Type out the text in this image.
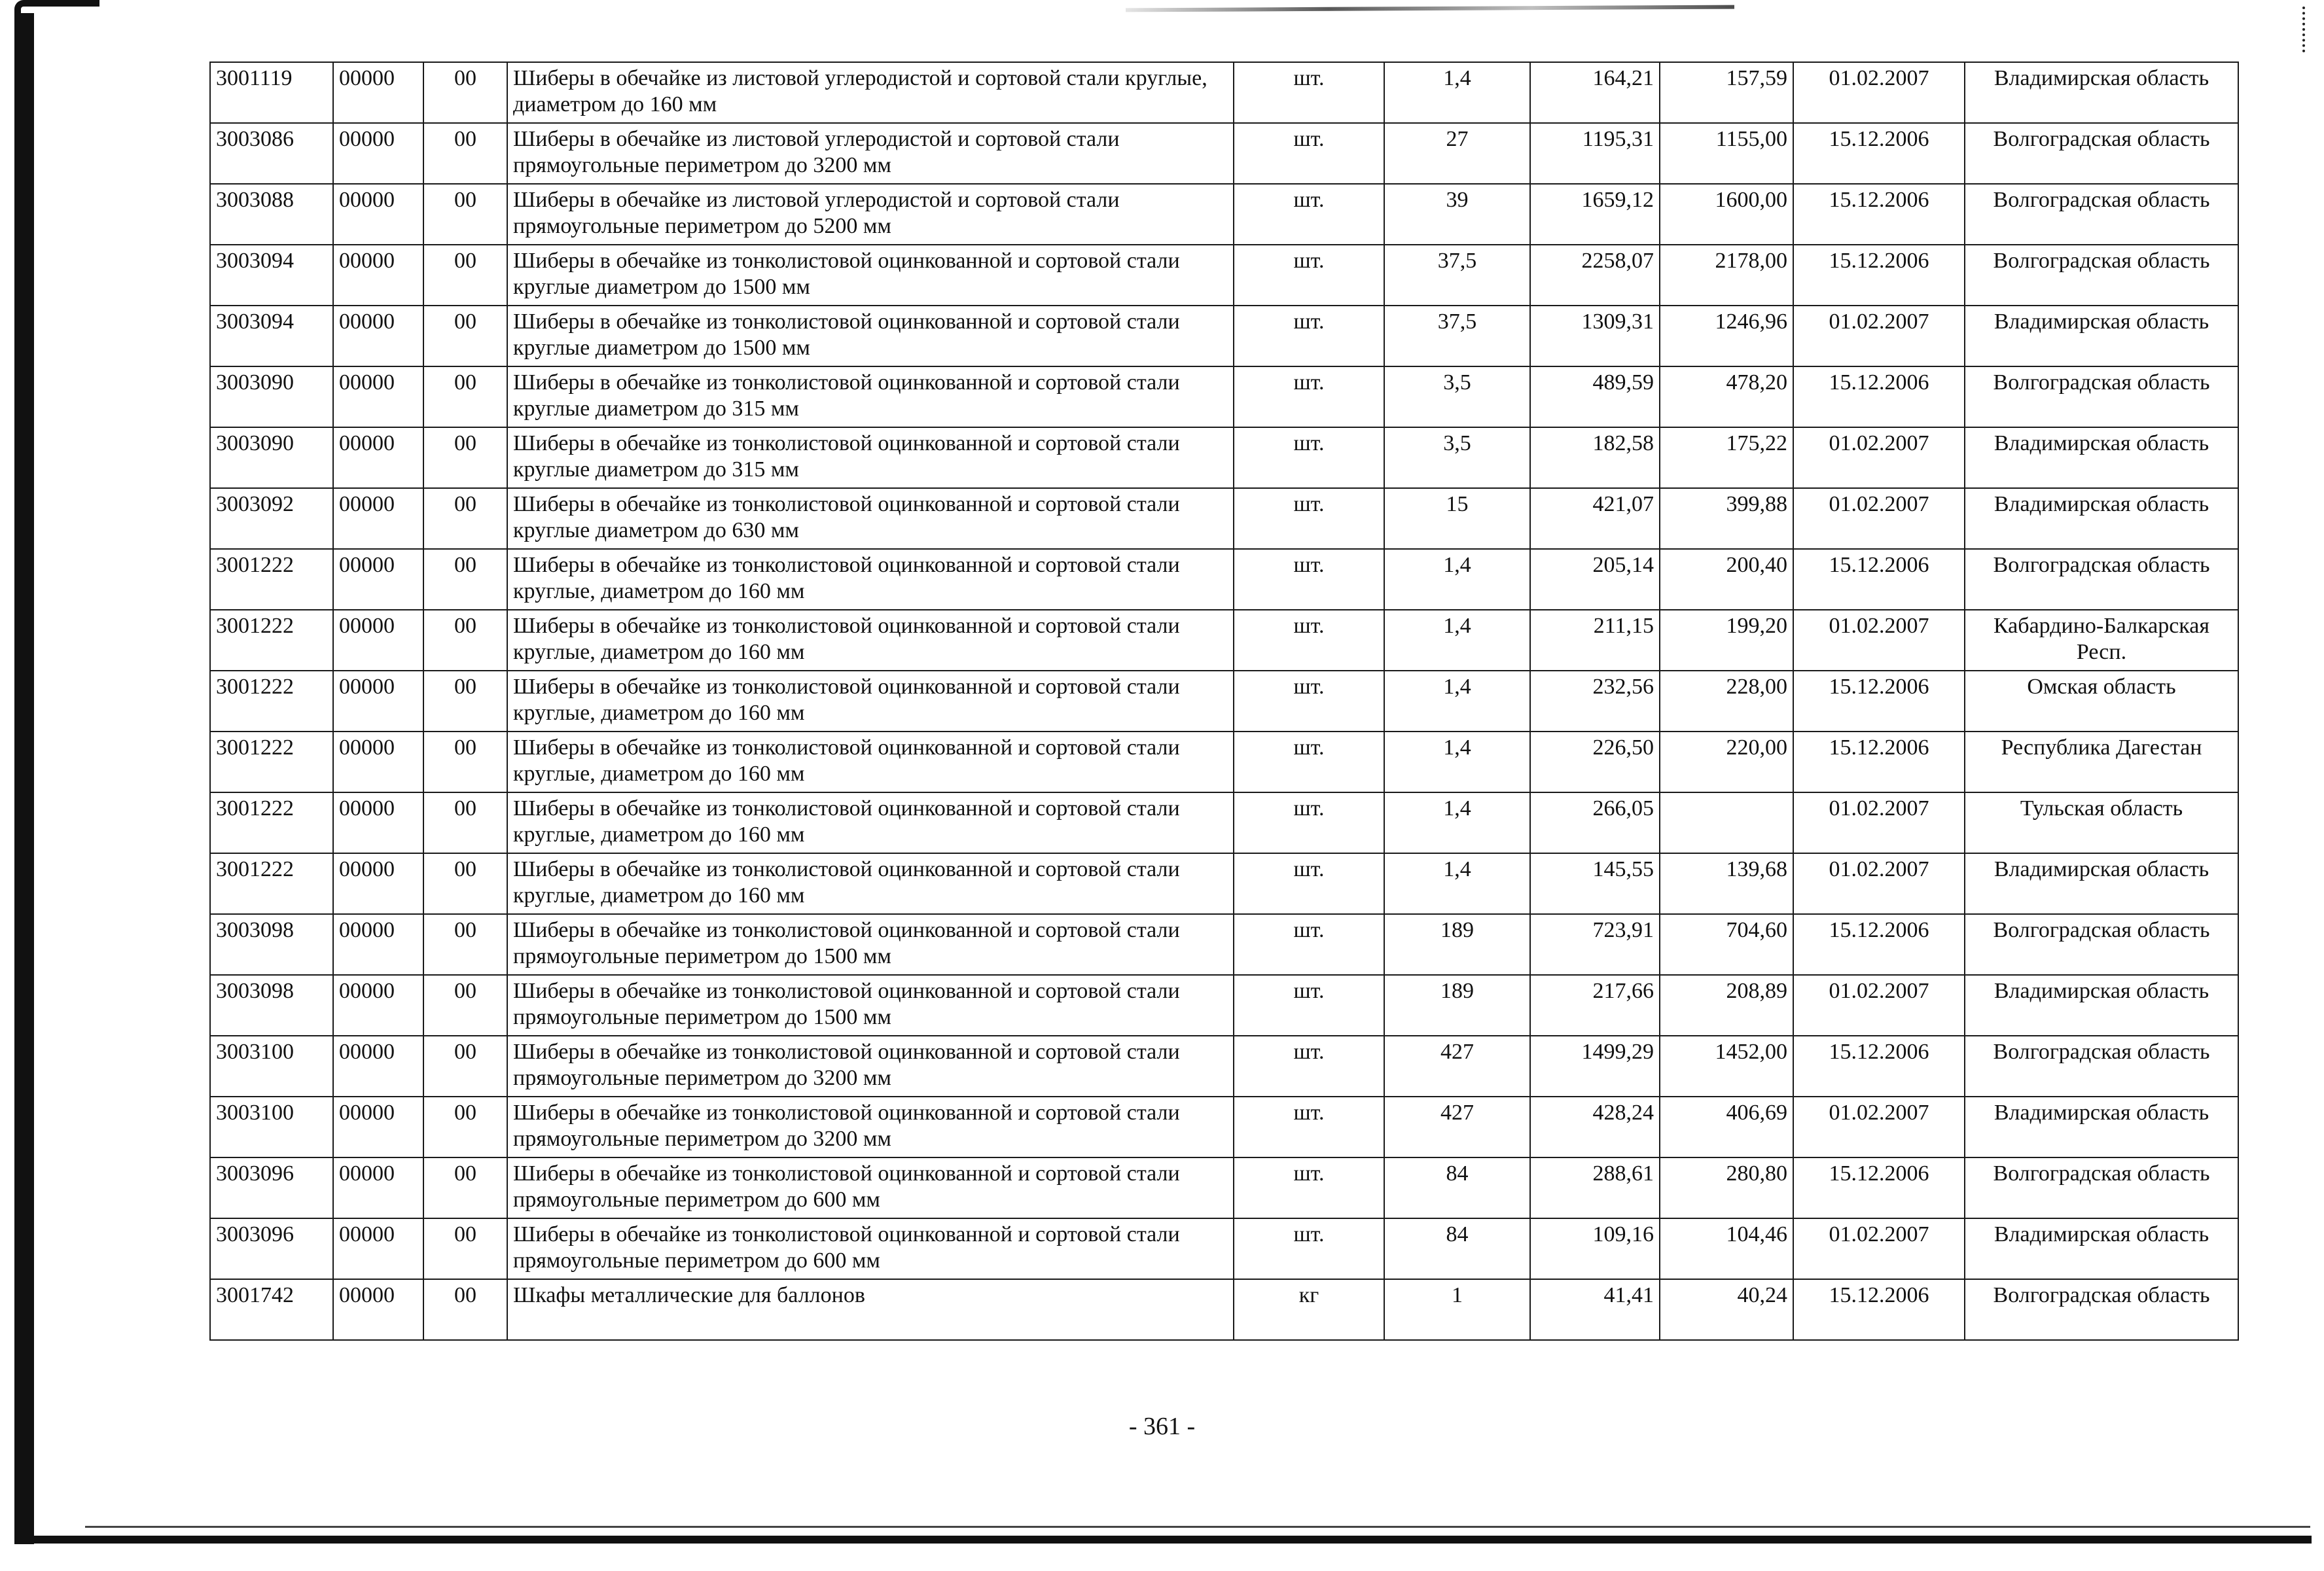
3001119	00000	00	Шиберы в обечайке из листовой углеродистой и сортовой стали круглые, диаметром до 160 мм	шт.	1,4	164,21	157,59	01.02.2007	Владимирская область
3003086	00000	00	Шиберы в обечайке из листовой углеродистой и сортовой стали прямоугольные периметром до 3200 мм	шт.	27	1195,31	1155,00	15.12.2006	Волгоградская область
3003088	00000	00	Шиберы в обечайке из листовой углеродистой и сортовой стали прямоугольные периметром до 5200 мм	шт.	39	1659,12	1600,00	15.12.2006	Волгоградская область
3003094	00000	00	Шиберы в обечайке из тонколистовой оцинкованной и сортовой стали круглые диаметром до 1500 мм	шт.	37,5	2258,07	2178,00	15.12.2006	Волгоградская область
3003094	00000	00	Шиберы в обечайке из тонколистовой оцинкованной и сортовой стали круглые диаметром до 1500 мм	шт.	37,5	1309,31	1246,96	01.02.2007	Владимирская область
3003090	00000	00	Шиберы в обечайке из тонколистовой оцинкованной и сортовой стали круглые диаметром до 315 мм	шт.	3,5	489,59	478,20	15.12.2006	Волгоградская область
3003090	00000	00	Шиберы в обечайке из тонколистовой оцинкованной и сортовой стали круглые диаметром до 315 мм	шт.	3,5	182,58	175,22	01.02.2007	Владимирская область
3003092	00000	00	Шиберы в обечайке из тонколистовой оцинкованной и сортовой стали круглые диаметром до 630 мм	шт.	15	421,07	399,88	01.02.2007	Владимирская область
3001222	00000	00	Шиберы в обечайке из тонколистовой оцинкованной и сортовой стали круглые, диаметром до 160 мм	шт.	1,4	205,14	200,40	15.12.2006	Волгоградская область
3001222	00000	00	Шиберы в обечайке из тонколистовой оцинкованной и сортовой стали круглые, диаметром до 160 мм	шт.	1,4	211,15	199,20	01.02.2007	Кабардино-Балкарская Респ.
3001222	00000	00	Шиберы в обечайке из тонколистовой оцинкованной и сортовой стали круглые, диаметром до 160 мм	шт.	1,4	232,56	228,00	15.12.2006	Омская область
3001222	00000	00	Шиберы в обечайке из тонколистовой оцинкованной и сортовой стали круглые, диаметром до 160 мм	шт.	1,4	226,50	220,00	15.12.2006	Республика Дагестан
3001222	00000	00	Шиберы в обечайке из тонколистовой оцинкованной и сортовой стали круглые, диаметром до 160 мм	шт.	1,4	266,05		01.02.2007	Тульская область
3001222	00000	00	Шиберы в обечайке из тонколистовой оцинкованной и сортовой стали круглые, диаметром до 160 мм	шт.	1,4	145,55	139,68	01.02.2007	Владимирская область
3003098	00000	00	Шиберы в обечайке из тонколистовой оцинкованной и сортовой стали прямоугольные периметром до 1500 мм	шт.	189	723,91	704,60	15.12.2006	Волгоградская область
3003098	00000	00	Шиберы в обечайке из тонколистовой оцинкованной и сортовой стали прямоугольные периметром до 1500 мм	шт.	189	217,66	208,89	01.02.2007	Владимирская область
3003100	00000	00	Шиберы в обечайке из тонколистовой оцинкованной и сортовой стали прямоугольные периметром до 3200 мм	шт.	427	1499,29	1452,00	15.12.2006	Волгоградская область
3003100	00000	00	Шиберы в обечайке из тонколистовой оцинкованной и сортовой стали прямоугольные периметром до 3200 мм	шт.	427	428,24	406,69	01.02.2007	Владимирская область
3003096	00000	00	Шиберы в обечайке из тонколистовой оцинкованной и сортовой стали прямоугольные периметром до 600 мм	шт.	84	288,61	280,80	15.12.2006	Волгоградская область
3003096	00000	00	Шиберы в обечайке из тонколистовой оцинкованной и сортовой стали прямоугольные периметром до 600 мм	шт.	84	109,16	104,46	01.02.2007	Владимирская область
3001742	00000	00	Шкафы металлические для баллонов	кг	1	41,41	40,24	15.12.2006	Волгоградская область
- 361 -
